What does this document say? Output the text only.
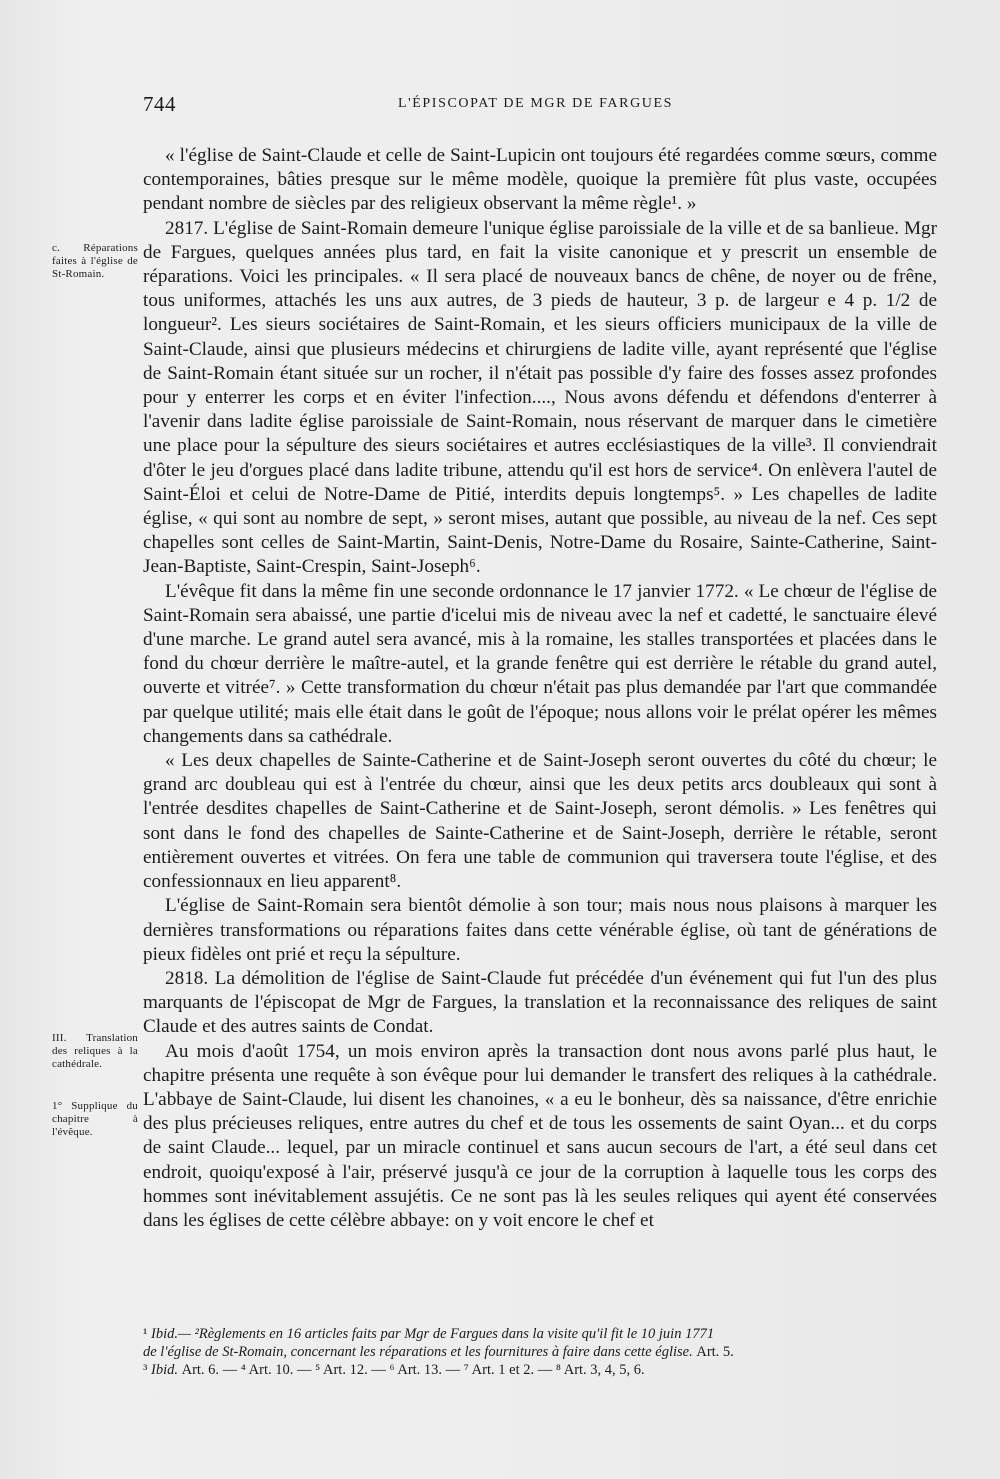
744	L'ÉPISCOPAT DE MGR DE FARGUES
c. Réparations faites à l'église de St-Romain.
III. Translation des reliques à la cathédrale.
1° Supplique du chapitre à l'évêque.

« l'église de Saint-Claude et celle de Saint-Lupicin ont toujours été regardées comme sœurs, comme contemporaines, bâties presque sur le même modèle, quoique la première fût plus vaste, occupées pendant nombre de siècles par des religieux observant la même règle¹. »

2817. L'église de Saint-Romain demeure l'unique église paroissiale de la ville et de sa banlieue. Mgr de Fargues, quelques années plus tard, en fait la visite canonique et y prescrit un ensemble de réparations. Voici les principales. « Il sera placé de nouveaux bancs de chêne, de noyer ou de frêne, tous uniformes, attachés les uns aux autres, de 3 pieds de hauteur, 3 p. de largeur e 4 p. 1/2 de longueur². Les sieurs sociétaires de Saint-Romain, et les sieurs officiers municipaux de la ville de Saint-Claude, ainsi que plusieurs médecins et chirurgiens de ladite ville, ayant représenté que l'église de Saint-Romain étant située sur un rocher, il n'était pas possible d'y faire des fosses assez profondes pour y enterrer les corps et en éviter l'infection...., Nous avons défendu et défendons d'enterrer à l'avenir dans ladite église paroissiale de Saint-Romain, nous réservant de marquer dans le cimetière une place pour la sépulture des sieurs sociétaires et autres ecclésiastiques de la ville³. Il conviendrait d'ôter le jeu d'orgues placé dans ladite tribune, attendu qu'il est hors de service⁴. On enlèvera l'autel de Saint-Éloi et celui de Notre-Dame de Pitié, interdits depuis longtemps⁵. » Les chapelles de ladite église, « qui sont au nombre de sept, » seront mises, autant que possible, au niveau de la nef. Ces sept chapelles sont celles de Saint-Martin, Saint-Denis, Notre-Dame du Rosaire, Sainte-Catherine, Saint-Jean-Baptiste, Saint-Crespin, Saint-Joseph⁶.

L'évêque fit dans la même fin une seconde ordonnance le 17 janvier 1772. « Le chœur de l'église de Saint-Romain sera abaissé, une partie d'icelui mis de niveau avec la nef et cadetté, le sanctuaire élevé d'une marche. Le grand autel sera avancé, mis à la romaine, les stalles transportées et placées dans le fond du chœur derrière le maître-autel, et la grande fenêtre qui est derrière le rétable du grand autel, ouverte et vitrée⁷. » Cette transformation du chœur n'était pas plus demandée par l'art que commandée par quelque utilité; mais elle était dans le goût de l'époque; nous allons voir le prélat opérer les mêmes changements dans sa cathédrale.

« Les deux chapelles de Sainte-Catherine et de Saint-Joseph seront ouvertes du côté du chœur; le grand arc doubleau qui est à l'entrée du chœur, ainsi que les deux petits arcs doubleaux qui sont à l'entrée desdites chapelles de Saint-Catherine et de Saint-Joseph, seront démolis. » Les fenêtres qui sont dans le fond des chapelles de Sainte-Catherine et de Saint-Joseph, derrière le rétable, seront entièrement ouvertes et vitrées. On fera une table de communion qui traversera toute l'église, et des confessionnaux en lieu apparent⁸.

L'église de Saint-Romain sera bientôt démolie à son tour; mais nous nous plaisons à marquer les dernières transformations ou réparations faites dans cette vénérable église, où tant de générations de pieux fidèles ont prié et reçu la sépulture.

2818. La démolition de l'église de Saint-Claude fut précédée d'un événement qui fut l'un des plus marquants de l'épiscopat de Mgr de Fargues, la translation et la reconnaissance des reliques de saint Claude et des autres saints de Condat.

Au mois d'août 1754, un mois environ après la transaction dont nous avons parlé plus haut, le chapitre présenta une requête à son évêque pour lui demander le transfert des reliques à la cathédrale. L'abbaye de Saint-Claude, lui disent les chanoines, « a eu le bonheur, dès sa naissance, d'être enrichie des plus précieuses reliques, entre autres du chef et de tous les ossements de saint Oyan... et du corps de saint Claude... lequel, par un miracle continuel et sans aucun secours de l'art, a été seul dans cet endroit, quoiqu'exposé à l'air, préservé jusqu'à ce jour de la corruption à laquelle tous les corps des hommes sont inévitablement assujétis. Ce ne sont pas là les seules reliques qui ayent été conservées dans les églises de cette célèbre abbaye: on y voit encore le chef et

¹ Ibid.— ²Règlements en 16 articles faits par Mgr de Fargues dans la visite qu'il fit le 10 juin 1771
de l'église de St-Romain, concernant les réparations et les fournitures à faire dans cette église. Art. 5.
³ Ibid. Art. 6. — ⁴ Art. 10. — ⁵ Art. 12. — ⁶ Art. 13. — ⁷ Art. 1 et 2. — ⁸ Art. 3, 4, 5, 6.
